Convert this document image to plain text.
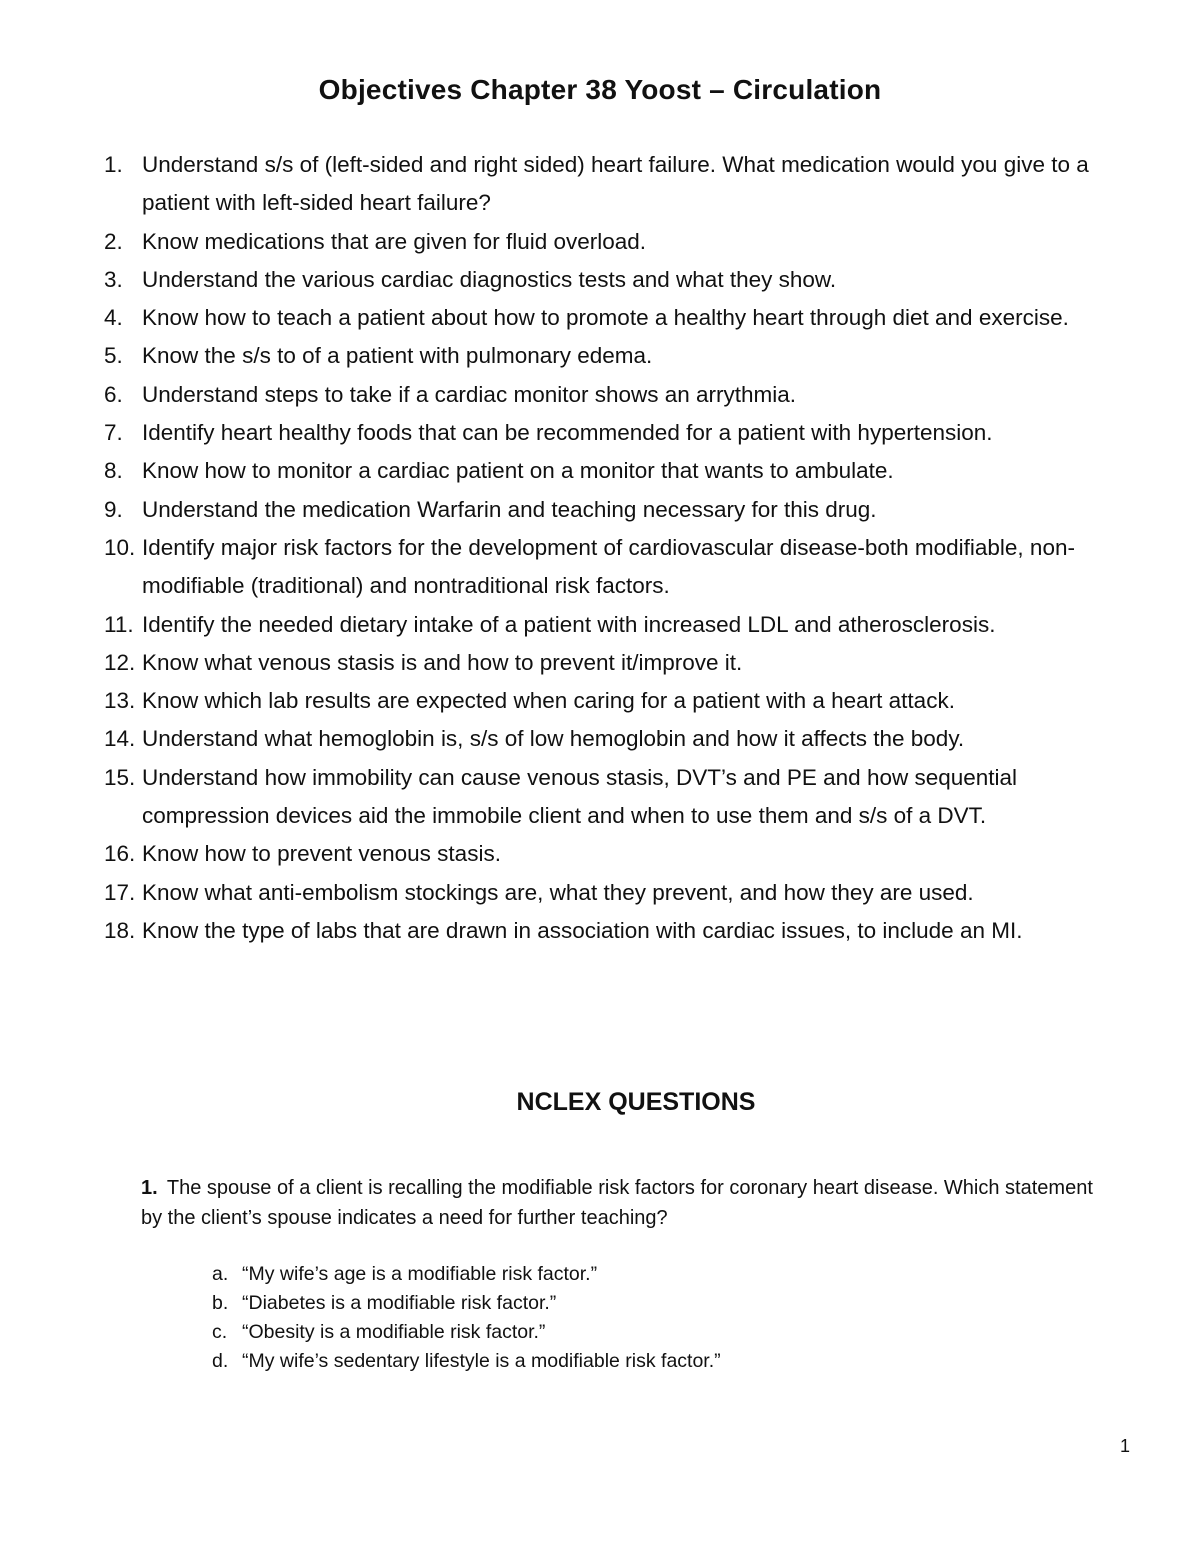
Objectives Chapter 38 Yoost – Circulation
1. Understand s/s of (left-sided and right sided) heart failure. What medication would you give to a patient with left-sided heart failure?
2. Know medications that are given for fluid overload.
3. Understand the various cardiac diagnostics tests and what they show.
4. Know how to teach a patient about how to promote a healthy heart through diet and exercise.
5. Know the s/s to of a patient with pulmonary edema.
6. Understand steps to take if a cardiac monitor shows an arrythmia.
7. Identify heart healthy foods that can be recommended for a patient with hypertension.
8. Know how to monitor a cardiac patient on a monitor that wants to ambulate.
9. Understand the medication Warfarin and teaching necessary for this drug.
10. Identify major risk factors for the development of cardiovascular disease-both modifiable, non-modifiable (traditional) and nontraditional risk factors.
11. Identify the needed dietary intake of a patient with increased LDL and atherosclerosis.
12. Know what venous stasis is and how to prevent it/improve it.
13. Know which lab results are expected when caring for a patient with a heart attack.
14. Understand what hemoglobin is, s/s of low hemoglobin and how it affects the body.
15. Understand how immobility can cause venous stasis, DVT’s and PE and how sequential compression devices aid the immobile client and when to use them and s/s of a DVT.
16. Know how to prevent venous stasis.
17. Know what anti-embolism stockings are, what they prevent, and how they are used.
18. Know the type of labs that are drawn in association with cardiac issues, to include an MI.
NCLEX QUESTIONS
1. The spouse of a client is recalling the modifiable risk factors for coronary heart disease. Which statement by the client’s spouse indicates a need for further teaching?
a. “My wife’s age is a modifiable risk factor.”
b. “Diabetes is a modifiable risk factor.”
c. “Obesity is a modifiable risk factor.”
d. “My wife’s sedentary lifestyle is a modifiable risk factor.”
1
